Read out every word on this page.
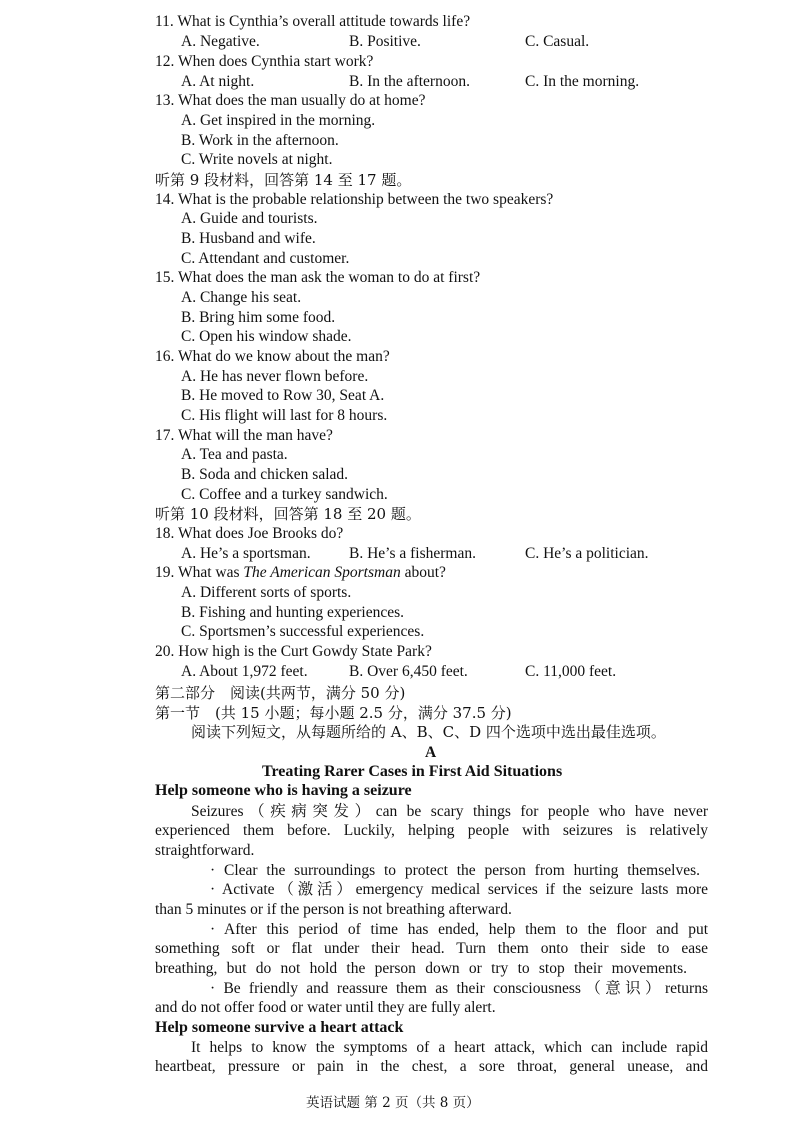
11. What is Cynthia’s overall attitude towards life?
A. Negative.	B. Positive.	C. Casual.
12. When does Cynthia start work?
A. At night.	B. In the afternoon.	C. In the morning.
13. What does the man usually do at home?
A. Get inspired in the morning.
B. Work in the afternoon.
C. Write novels at night.
听第 9 段材料，回答第 14 至 17 题。
14. What is the probable relationship between the two speakers?
A. Guide and tourists.
B. Husband and wife.
C. Attendant and customer.
15. What does the man ask the woman to do at first?
A. Change his seat.
B. Bring him some food.
C. Open his window shade.
16. What do we know about the man?
A. He has never flown before.
B. He moved to Row 30, Seat A.
C. His flight will last for 8 hours.
17. What will the man have?
A. Tea and pasta.
B. Soda and chicken salad.
C. Coffee and a turkey sandwich.
听第 10 段材料，回答第 18 至 20 题。
18. What does Joe Brooks do?
A. He’s a sportsman. B. He’s a fisherman.	C. He’s a politician.
19. What was The American Sportsman about?
A. Different sorts of sports.
B. Fishing and hunting experiences.
C. Sportsmen’s successful experiences.
20. How high is the Curt Gowdy State Park?
A. About 1,972 feet.	B. Over 6,450 feet.	C. 11,000 feet.
第二部分　阅读(共两节，满分 50 分)
第一节　(共 15 小题；每小题 2.5 分，满分 37.5 分)
阅读下列短文，从每题所给的 A、B、C、D 四个选项中选出最佳选项。
A
Treating Rarer Cases in First Aid Situations
Help someone who is having a seizure
Seizures（疾病突发）can be scary things for people who have never
experienced them before. Luckily, helping people with seizures is relatively
straightforward.
· Clear the surroundings to protect the person from hurting themselves.
· Activate（激活）emergency medical services if the seizure lasts more
than 5 minutes or if the person is not breathing afterward.
· After this period of time has ended, help them to the floor and put
something soft or flat under their head. Turn them onto their side to ease
breathing, but do not hold the person down or try to stop their movements.
· Be friendly and reassure them as their consciousness（意识）returns
and do not offer food or water until they are fully alert.
Help someone survive a heart attack
It helps to know the symptoms of a heart attack, which can include rapid
heartbeat, pressure or pain in the chest, a sore throat, general unease, and
英语试题 第 2 页（共 8 页）
